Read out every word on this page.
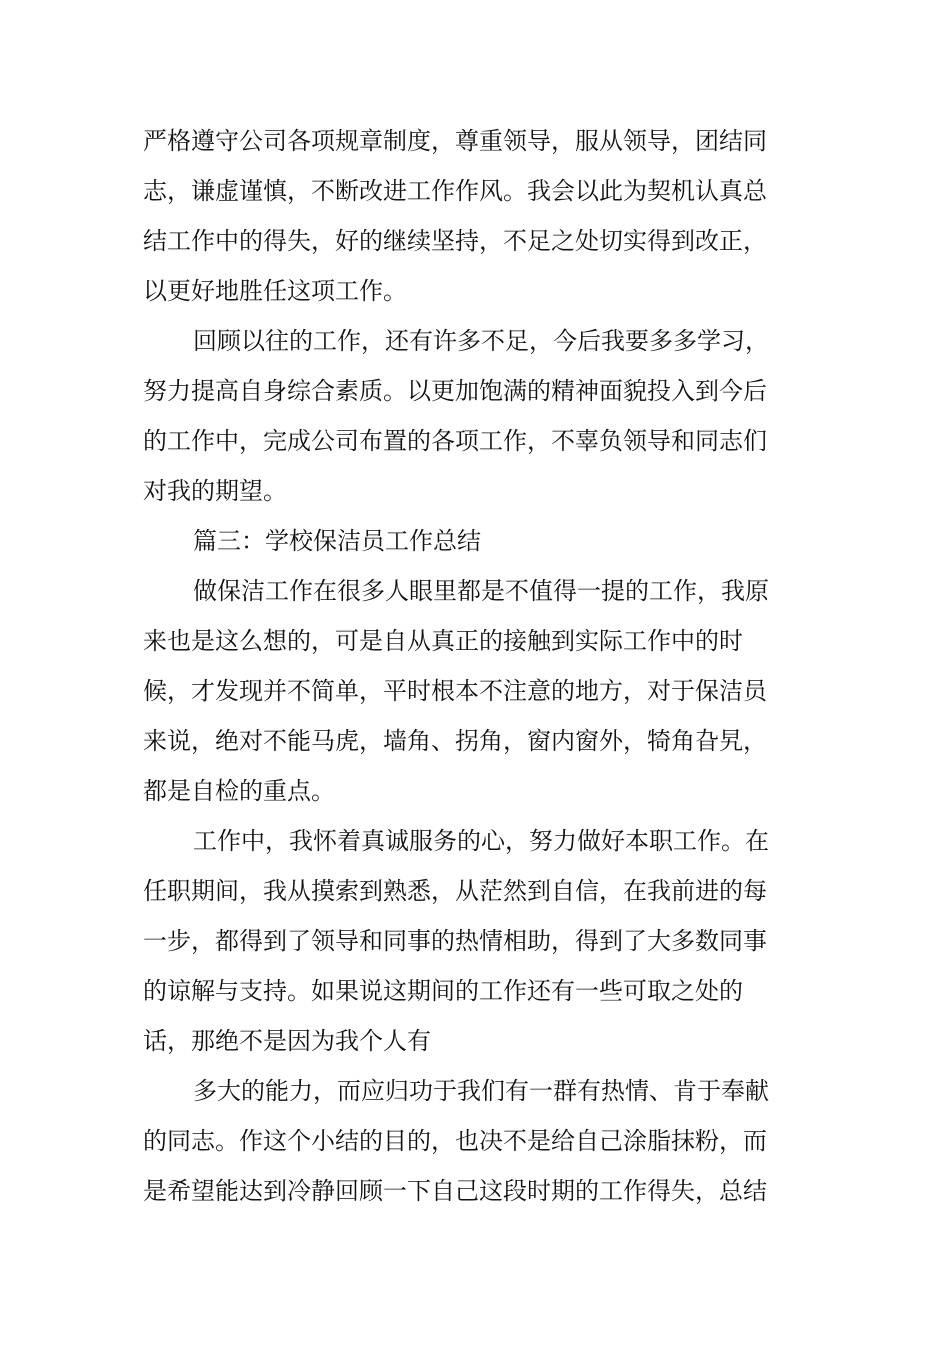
严格遵守公司各项规章制度，尊重领导，服从领导，团结同
志，谦虚谨慎，不断改进工作作风。我会以此为契机认真总
结工作中的得失，好的继续坚持，不足之处切实得到改正，
以更好地胜任这项工作。
回顾以往的工作，还有许多不足，今后我要多多学习，
努力提高自身综合素质。以更加饱满的精神面貌投入到今后
的工作中，完成公司布置的各项工作，不辜负领导和同志们
对我的期望。
篇三：学校保洁员工作总结
做保洁工作在很多人眼里都是不值得一提的工作，我原
来也是这么想的，可是自从真正的接触到实际工作中的时
候，才发现并不简单，平时根本不注意的地方，对于保洁员
来说，绝对不能马虎，墙角、拐角，窗内窗外，犄角旮旯，
都是自检的重点。
工作中，我怀着真诚服务的心，努力做好本职工作。在
任职期间，我从摸索到熟悉，从茫然到自信，在我前进的每
一步，都得到了领导和同事的热情相助，得到了大多数同事
的谅解与支持。如果说这期间的工作还有一些可取之处的
话，那绝不是因为我个人有
多大的能力，而应归功于我们有一群有热情、肯于奉献
的同志。作这个小结的目的，也决不是给自己涂脂抹粉，而
是希望能达到冷静回顾一下自己这段时期的工作得失，总结
